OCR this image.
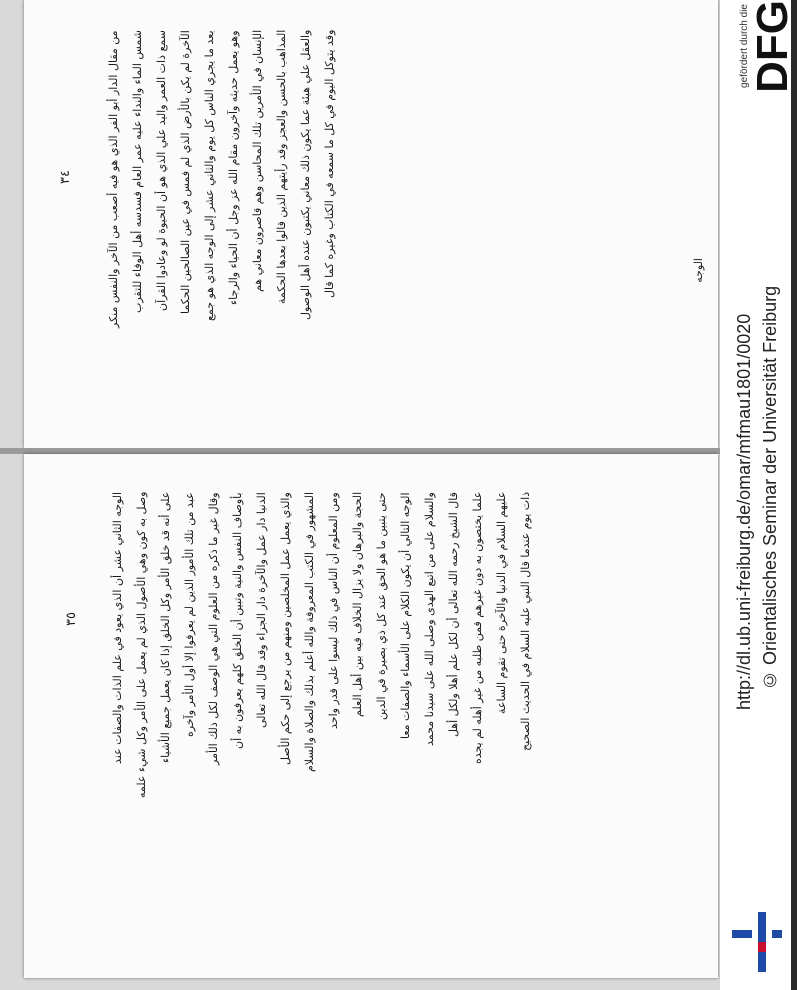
٣٤	من مقال الدار أبو الفر الذي هو فيه أصعب من الآخر والنفس منكر	شمس الماء والنداء عليه عمر العام فسدسه أهل الوفاء للتقرب	سمع ذات العمر واليد علي الذي هو أن الحيوة لو وعادوا القرآن	الآخرة لم يكن بالأرض الذي لم فمس في عين الصالحين الحكما	بعد ما يجري الناس كل يوم والثاني عشر إلى الوجه الذي هو جمع	وهو يعمل حديثه وآخرون مقام الله عز وجل أن الحياء والرجاء	الإنسان في الأمرين تلك المحاسن وهم قاصرون معاني هم	المذاهب بالحسن والعجز وقد رأيتهم الذين قالوا بعدها الحكمة	والعقل علي هيئة عما يكون ذلك معاني يكتبون عنده أهل الوصول	وقد يتوكل اليوم في كل ما سمعه في الكتاب وغيره كما قال	الوجه
٣٥	الوجه الثاني عشر أن الذي يعود في علم الذات والصفات عند	وصل به كون وهي الأصول الذي لم يعمل على الأمر وكل شيء علمه	على أنه قد خلق الأمر وكل الخلق إذا كان يعمل جميع الأشياء	عبد من تلك الأمور الذين لم يعرفوا إلا أول الأمر وآخره	وقال غير ما ذكره من العلوم التي هي الوصف لكل ذلك الأمر	بأوصاف النفس والنية وتبين أن الخلق كلهم يعرفون به أن	الدنيا دار عمل والآخرة دار الجزاء وقد قال الله تعالى	والذي يعمل عمل المخلصين ومنهم من يرجع إلى حكم الأصل	المشهور في الكتب المعروفة والله أعلم بذلك والصلاة والسلام	ومن المعلوم أن الناس في ذلك ليسوا على قدر واحد	الحجة والبرهان ولا يزال الخلاف فيه بين أهل العلم	حتى يتبين ما هو الحق عند كل ذي بصيرة في الدين	الوجه التالي أن يكون الكلام على الأسماء والصفات معا	والسلام على من اتبع الهدى وصلى الله على سيدنا محمد	قال الشيخ رحمه الله تعالى أن لكل علم أهلا ولكل أهل	علما يختصون به دون غيرهم فمن طلبه من غير أهله لم يجده	عليهم السلام في الدنيا والآخرة حتى تقوم الساعة	ذات يوم عندما قال النبي عليه السلام في الحديث الصحيح
gefördert durch die
DFG
http://dl.ub.uni-freiburg.de/omar/mfmau1801/0020 © Orientalisches Seminar der Universität Freiburg
